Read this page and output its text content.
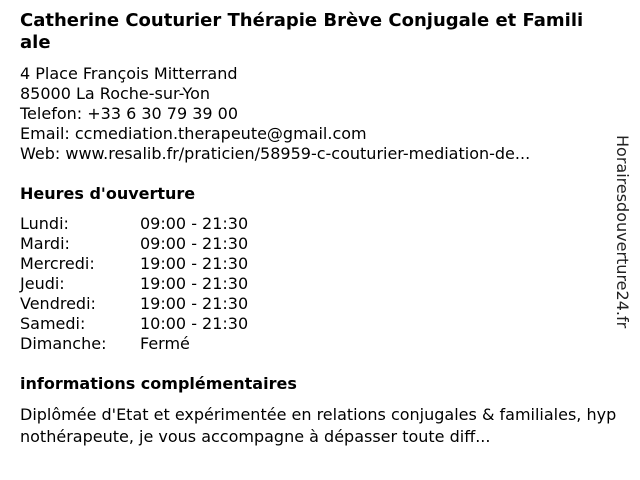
Catherine Couturier Thérapie Brève Conjugale et Familiale
4 Place François Mitterrand
85000 La Roche-sur-Yon
Telefon: +33 6 30 79 39 00
Email: ccmediation.therapeute@gmail.com
Web: www.resalib.fr/praticien/58959-c-couturier-mediation-de...
Heures d'ouverture
Lundi:	09:00 - 21:30
Mardi:	09:00 - 21:30
Mercredi:	19:00 - 21:30
Jeudi:	19:00 - 21:30
Vendredi:	19:00 - 21:30
Samedi:	10:00 - 21:30
Dimanche:	Fermé
informations complémentaires
Diplômée d'Etat et expérimentée en relations conjugales & familiales, hypnothérapeute, je vous accompagne à dépasser toute diff...
Horairesdouverture24.fr
